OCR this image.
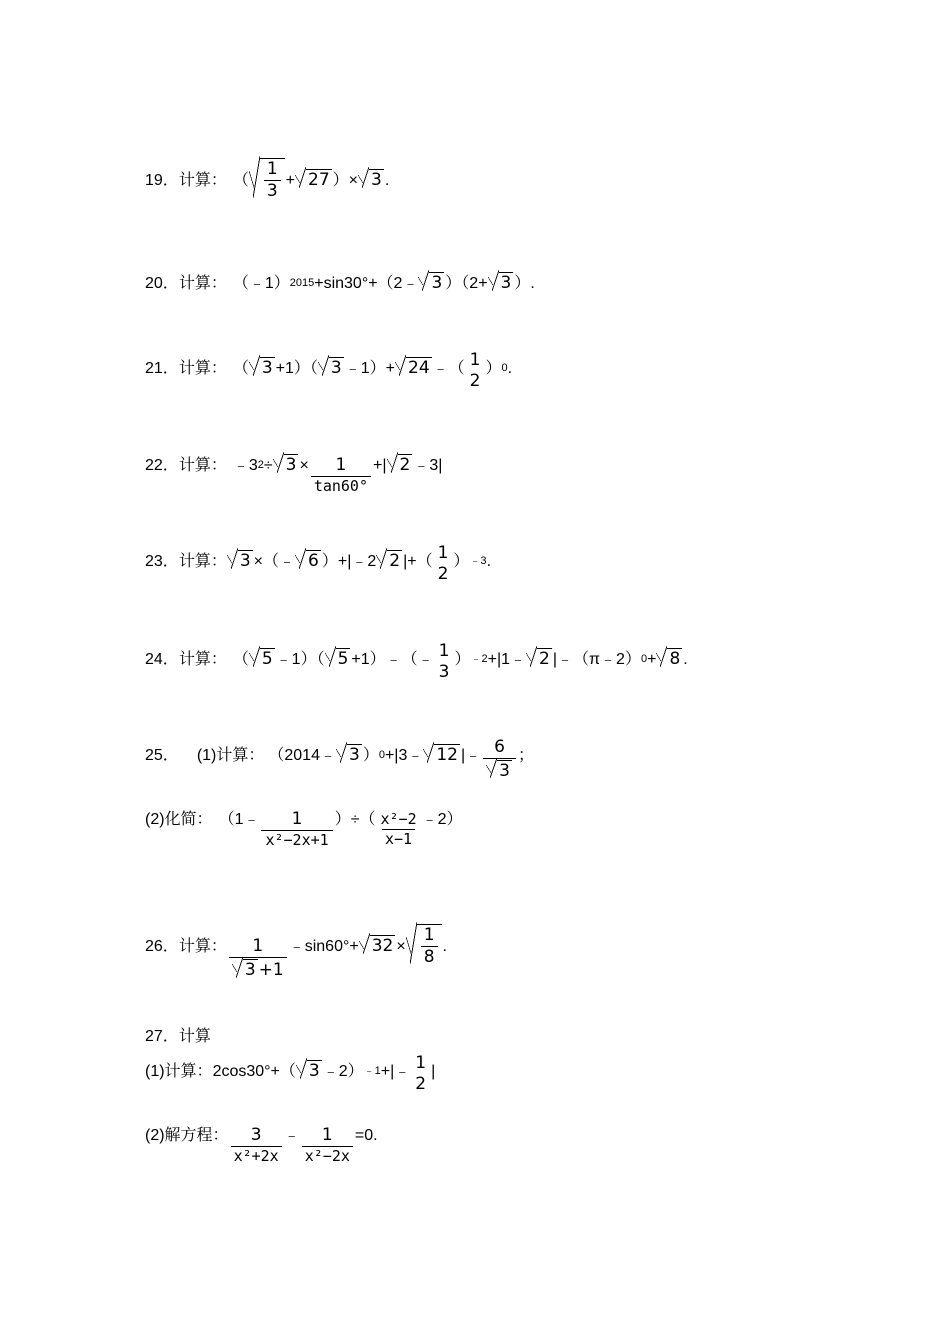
19． 计算： （ $\frac{1}{3} + 27$ ）× 3 .
20． 计算： （﹣1）$^{2015}$ +sin30°+（2﹣ 3 ）（2+ 3 ）.
21． 计算： （ 3 +1）（ 3 ﹣1）+ 24 ﹣（ 1
2
）$^0$ .
22． 计算： $﹣3^2 \div 3 \times \frac{1}{\tan 60^\circ}$ +| 2 ﹣3|
23． 计算： 3 ×（﹣ 6 ）+|﹣2 2 |+（ 1
2
）$^{﹣3}$ .
24． 计算： （ 5 ﹣1）（ 5 +1）﹣（﹣ 1
3
）$^{﹣2}$ +|1﹣ 2 |﹣（π﹣2）$^0$ + 8 .
25． (1)计算： （2014﹣ 3 ）$^0$ +|3﹣ 12 |﹣ $\frac{6}{3}$ ；
(2)化简： （1﹣ $\frac{1}{\text{x²−2x+1}}$ ）÷（ $\frac{\text{x²−2}}{x-1}$ ﹣2）
26． 计算： $\frac{1}{3 +1}$ ﹣sin60°+ $32 \times \frac{1}{8}$ .
27． 计算
(1)计算： 2cos30°+（ 3 ﹣2）$^{﹣1}$ +|﹣ 1
2
|
(2)解方程： $\frac{3}{\text{x²+2x}}$ ﹣ $\frac{1}{\text{x²−2x}} =0$.
